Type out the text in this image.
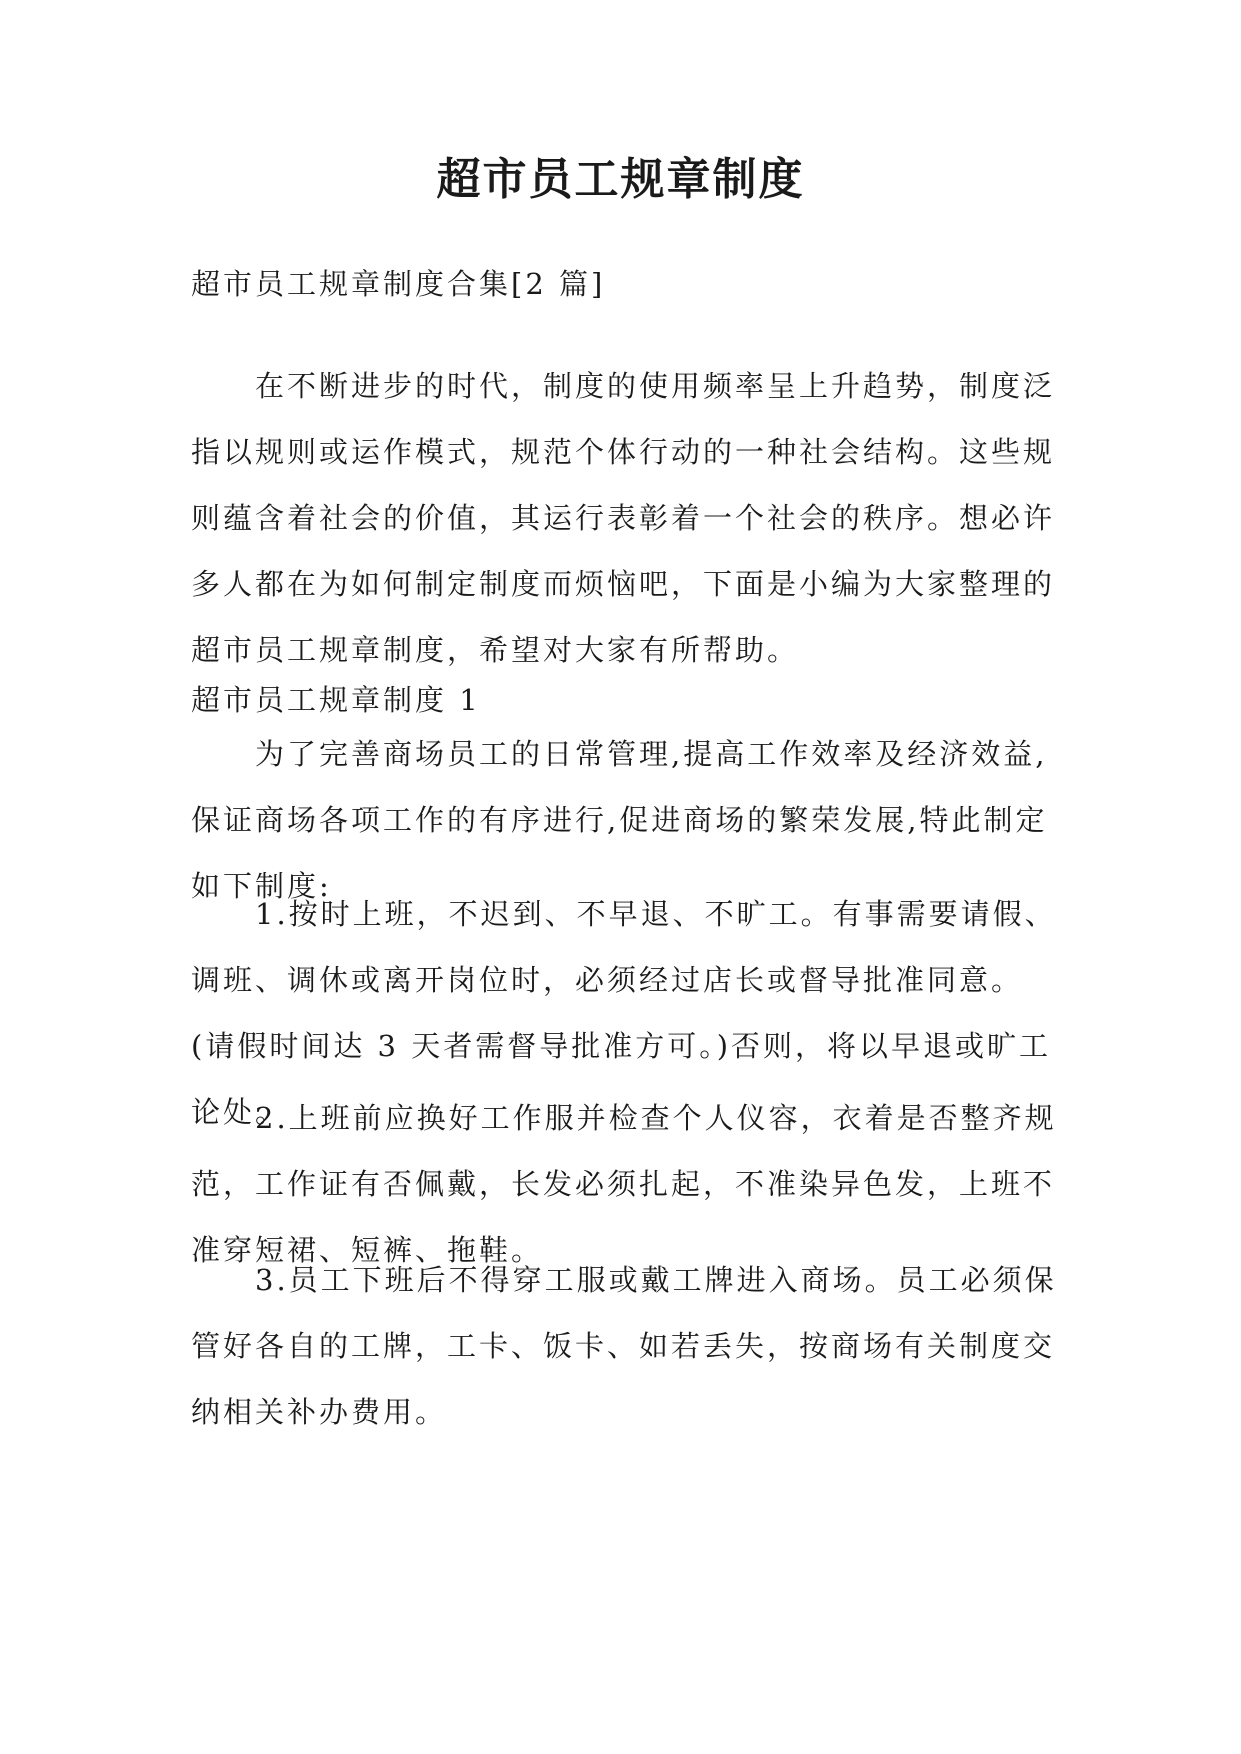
超市员工规章制度

超市员工规章制度合集[2 篇]

在不断进步的时代，制度的使用频率呈上升趋势，制度泛指以规则或运作模式，规范个体行动的一种社会结构。这些规则蕴含着社会的价值，其运行表彰着一个社会的秩序。想必许多人都在为如何制定制度而烦恼吧，下面是小编为大家整理的超市员工规章制度，希望对大家有所帮助。

超市员工规章制度 1

为了完善商场员工的日常管理,提高工作效率及经济效益,保证商场各项工作的有序进行,促进商场的繁荣发展,特此制定如下制度:

1.按时上班，不迟到、不早退、不旷工。有事需要请假、调班、调休或离开岗位时，必须经过店长或督导批准同意。(请假时间达 3 天者需督导批准方可。)否则，将以早退或旷工论处。

2.上班前应换好工作服并检查个人仪容，衣着是否整齐规范，工作证有否佩戴，长发必须扎起，不准染异色发，上班不准穿短裙、短裤、拖鞋。

3.员工下班后不得穿工服或戴工牌进入商场。员工必须保管好各自的工牌，工卡、饭卡、如若丢失，按商场有关制度交纳相关补办费用。
